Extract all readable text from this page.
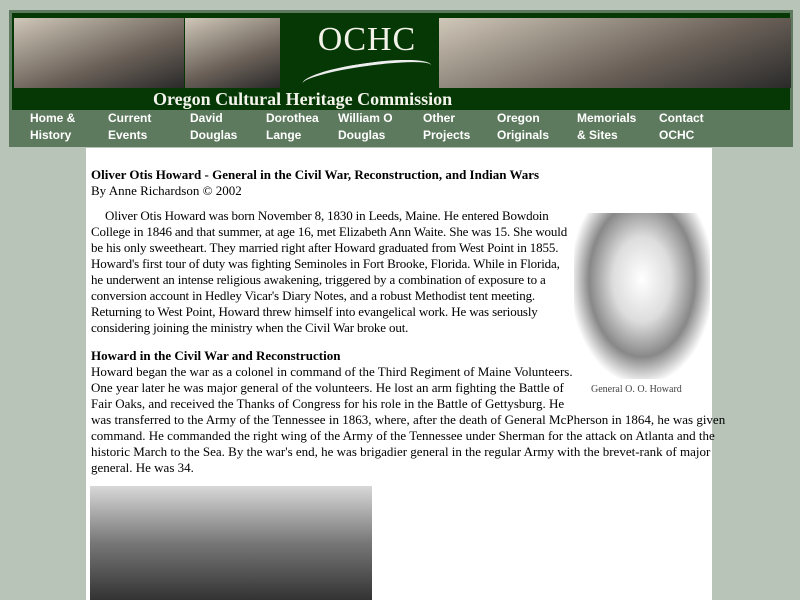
OCHC
Oregon Cultural Heritage Commission
Home &
History
Current
Events
David
Douglas
Dorothea
Lange
William O
Douglas
Other
Projects
Oregon
Originals
Memorials
& Sites
Contact
OCHC
Oliver Otis Howard - General in the Civil War, Reconstruction, and Indian Wars
By Anne Richardson © 2002
Oliver Otis Howard was born November 8, 1830 in Leeds, Maine. He entered Bowdoin
College in 1846 and that summer, at age 16, met Elizabeth Ann Waite. She was 15. She would
be his only sweetheart. They married right after Howard graduated from West Point in 1855.
Howard's first tour of duty was fighting Seminoles in Fort Brooke, Florida. While in Florida,
he underwent an intense religious awakening, triggered by a combination of exposure to a
conversion account in Hedley Vicar's Diary Notes, and a robust Methodist tent meeting.
Returning to West Point, Howard threw himself into evangelical work. He was seriously
considering joining the ministry when the Civil War broke out.
General O. O. Howard
Howard in the Civil War and Reconstruction
Howard began the war as a colonel in command of the Third Regiment of Maine Volunteers.
One year later he was major general of the volunteers. He lost an arm fighting the Battle of
Fair Oaks, and received the Thanks of Congress for his role in the Battle of Gettysburg. He
was transferred to the Army of the Tennessee in 1863, where, after the death of General McPherson in 1864, he was given
command. He commanded the right wing of the Army of the Tennessee under Sherman for the attack on Atlanta and the
historic March to the Sea. By the war's end, he was brigadier general in the regular Army with the brevet-rank of major
general. He was 34.
